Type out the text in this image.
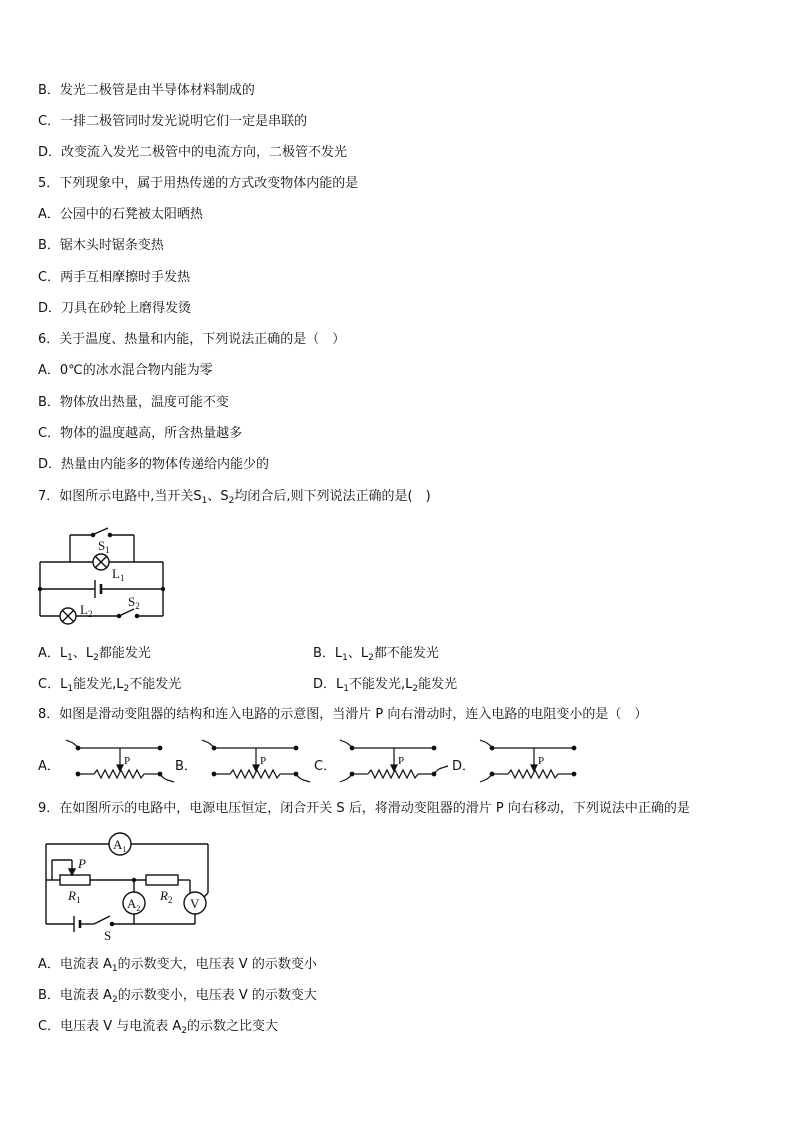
B．发光二极管是由半导体材料制成的
C．一排二极管同时发光说明它们一定是串联的
D．改变流入发光二极管中的电流方向，二极管不发光
5．下列现象中，属于用热传递的方式改变物体内能的是
A．公园中的石凳被太阳晒热
B．锯木头时锯条变热
C．两手互相摩擦时手发热
D．刀具在砂轮上磨得发烫
6．关于温度、热量和内能，下列说法正确的是（　）
A．0℃的冰水混合物内能为零
B．物体放出热量，温度可能不变
C．物体的温度越高，所含热量越多
D．热量由内能多的物体传递给内能少的
7．如图所示电路中,当开关$S_1$、$S_2$均闭合后,则下列说法正确的是(　)
$S_1$
$L_1$
$L_2$
$S_2$
A．$L_1$、$L_2$都能发光	B．$L_1$、$L_2$都不能发光
C．$L_1$能发光$,L_2$不能发光	D．$L_1$不能发光$,L_2$能发光
8．如图是滑动变阻器的结构和连入电路的示意图，当滑片 P 向右滑动时，连入电路的电阻变小的是（　）
A．	B．	C．	D．
P	P	P	P
9．在如图所示的电路中，电源电压恒定，闭合开关 S 后，将滑动变阻器的滑片 P 向右移动，下列说法中正确的是
$A_1$
$A_2$	V
P
$R_1$	$R_2$
S
A．电流表 $A_1$的示数变大，电压表 V 的示数变小
B．电流表 $A_2$的示数变小，电压表 V 的示数变大
C．电压表 V 与电流表 $A_2$的示数之比变大
